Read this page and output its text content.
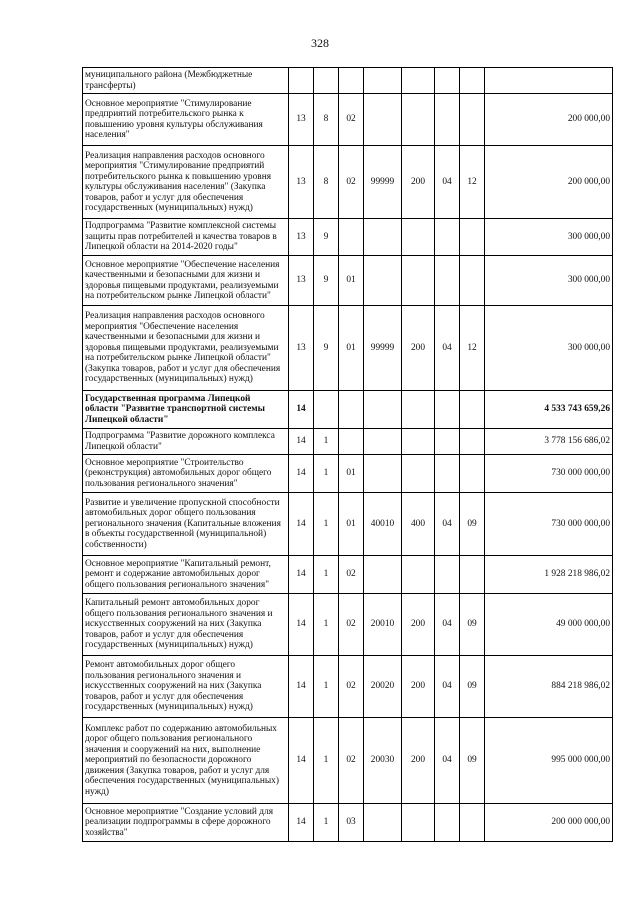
328
муниципального района (Межбюджетные трансферты)								
Основное мероприятие "Стимулирование предприятий потребительского рынка к повышению уровня культуры обслуживания населения"	13	8	02					200 000,00
Реализация направления расходов основного мероприятия "Стимулирование предприятий потребительского рынка к повышению уровня культуры обслуживания населения" (Закупка товаров, работ и услуг для обеспечения государственных (муниципальных) нужд)	13	8	02	99999	200	04	12	200 000,00
Подпрограмма "Развитие комплексной системы защиты прав потребителей и качества товаров в Липецкой области на 2014-2020 годы"	13	9						300 000,00
Основное мероприятие "Обеспечение населения качественными и безопасными для жизни и здоровья пищевыми продуктами, реализуемыми на потребительском рынке Липецкой области"	13	9	01					300 000,00
Реализация направления расходов основного мероприятия "Обеспечение населения качественными и безопасными для жизни и здоровья пищевыми продуктами, реализуемыми на потребительском рынке Липецкой области" (Закупка товаров, работ и услуг для обеспечения государственных (муниципальных) нужд)	13	9	01	99999	200	04	12	300 000,00
Государственная программа Липецкой области "Развитие транспортной системы Липецкой области"	14							4 533 743 659,26
Подпрограмма "Развитие дорожного комплекса Липецкой области"	14	1						3 778 156 686,02
Основное мероприятие "Строительство (реконструкция) автомобильных дорог общего пользования регионального значения"	14	1	01					730 000 000,00
Развитие и увеличение пропускной способности автомобильных дорог общего пользования регионального значения (Капитальные вложения в объекты государственной (муниципальной) собственности)	14	1	01	40010	400	04	09	730 000 000,00
Основное мероприятие "Капитальный ремонт, ремонт и содержание автомобильных дорог общего пользования регионального значения"	14	1	02					1 928 218 986,02
Капитальный ремонт автомобильных дорог общего пользования регионального значения и искусственных сооружений на них (Закупка товаров, работ и услуг для обеспечения государственных (муниципальных) нужд)	14	1	02	20010	200	04	09	49 000 000,00
Ремонт автомобильных дорог общего пользования регионального значения и искусственных сооружений на них (Закупка товаров, работ и услуг для обеспечения государственных (муниципальных) нужд)	14	1	02	20020	200	04	09	884 218 986,02
Комплекс работ по содержанию автомобильных дорог общего пользования регионального значения и сооружений на них, выполнение мероприятий по безопасности дорожного движения (Закупка товаров, работ и услуг для обеспечения государственных (муниципальных) нужд)	14	1	02	20030	200	04	09	995 000 000,00
Основное мероприятие "Создание условий для реализации подпрограммы в сфере дорожного хозяйства"	14	1	03					200 000 000,00
